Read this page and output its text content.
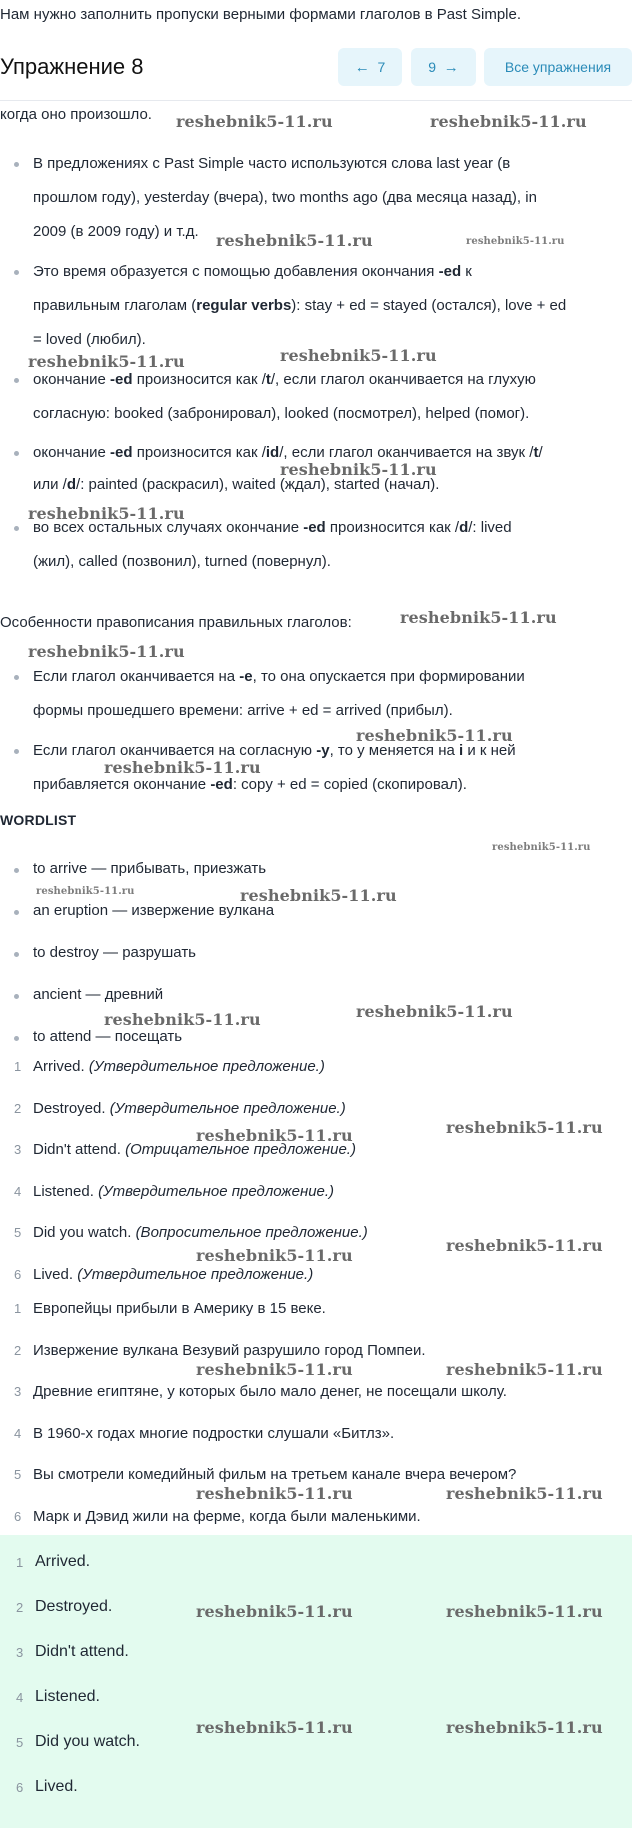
Нам нужно заполнить пропуски верными формами глаголов в Past Simple.
Упражнение 8	←
7	9
→	Все упражнения
когда оно произошло.
В предложениях с Past Simple часто используются слова last year (в
прошлом году), yesterday (вчера), two months ago (два месяца назад), in
2009 (в 2009 году) и т.д.
Это время образуется с помощью добавления окончания -ed к
правильным глаголам (regular verbs): stay + ed = stayed (остался), love + ed
= loved (любил).
окончание -ed произносится как /t/, если глагол оканчивается на глухую
согласную: booked (забронировал), looked (посмотрел), helped (помог).
окончание -ed произносится как /id/, если глагол оканчивается на звук /t/
или /d/: painted (раскрасил), waited (ждал), started (начал).
во всех остальных случаях окончание -ed произносится как /d/: lived
(жил), called (позвонил), turned (повернул).
Особенности правописания правильных глаголов:
Если глагол оканчивается на -e, то она опускается при формировании
формы прошедшего времени: arrive + ed = arrived (прибыл).
Если глагол оканчивается на согласную -y, то у меняется на i и к ней
прибавляется окончание -ed: copy + ed = copied (скопировал).
WORDLIST
to arrive — прибывать, приезжать
an eruption — извержение вулкана
to destroy — разрушать
ancient — древний
to attend — посещать
1 Arrived. (Утвердительное предложение.)
2 Destroyed. (Утвердительное предложение.)
3 Didn't attend. (Отрицательное предложение.)
4 Listened. (Утвердительное предложение.)
5 Did you watch. (Вопросительное предложение.)
6 Lived. (Утвердительное предложение.)
1 Европейцы прибыли в Америку в 15 веке.
2 Извержение вулкана Везувий разрушило город Помпеи.
3 Древние египтяне, у которых было мало денег, не посещали школу.
4 В 1960-х годах многие подростки слушали «Битлз».
5 Вы смотрели комедийный фильм на третьем канале вчера вечером?
6 Марк и Дэвид жили на ферме, когда были маленькими.
1 Arrived.
2 Destroyed.
3 Didn't attend.
4 Listened.
5 Did you watch.
6 Lived.
reshebnik5-11.ru	reshebnik5-11.ru
reshebnik5-11.ru	reshebnik5-11.ru
reshebnik5-11.ru
reshebnik5-11.ru
reshebnik5-11.ru
reshebnik5-11.ru
reshebnik5-11.ru
reshebnik5-11.ru
reshebnik5-11.ru
reshebnik5-11.ru
reshebnik5-11.ru
reshebnik5-11.ru	reshebnik5-11.ru
reshebnik5-11.ru
reshebnik5-11.ru
reshebnik5-11.ru	reshebnik5-11.ru
reshebnik5-11.ru
reshebnik5-11.ru
reshebnik5-11.ru	reshebnik5-11.ru
reshebnik5-11.ru	reshebnik5-11.ru
reshebnik5-11.ru	reshebnik5-11.ru
reshebnik5-11.ru	reshebnik5-11.ru
